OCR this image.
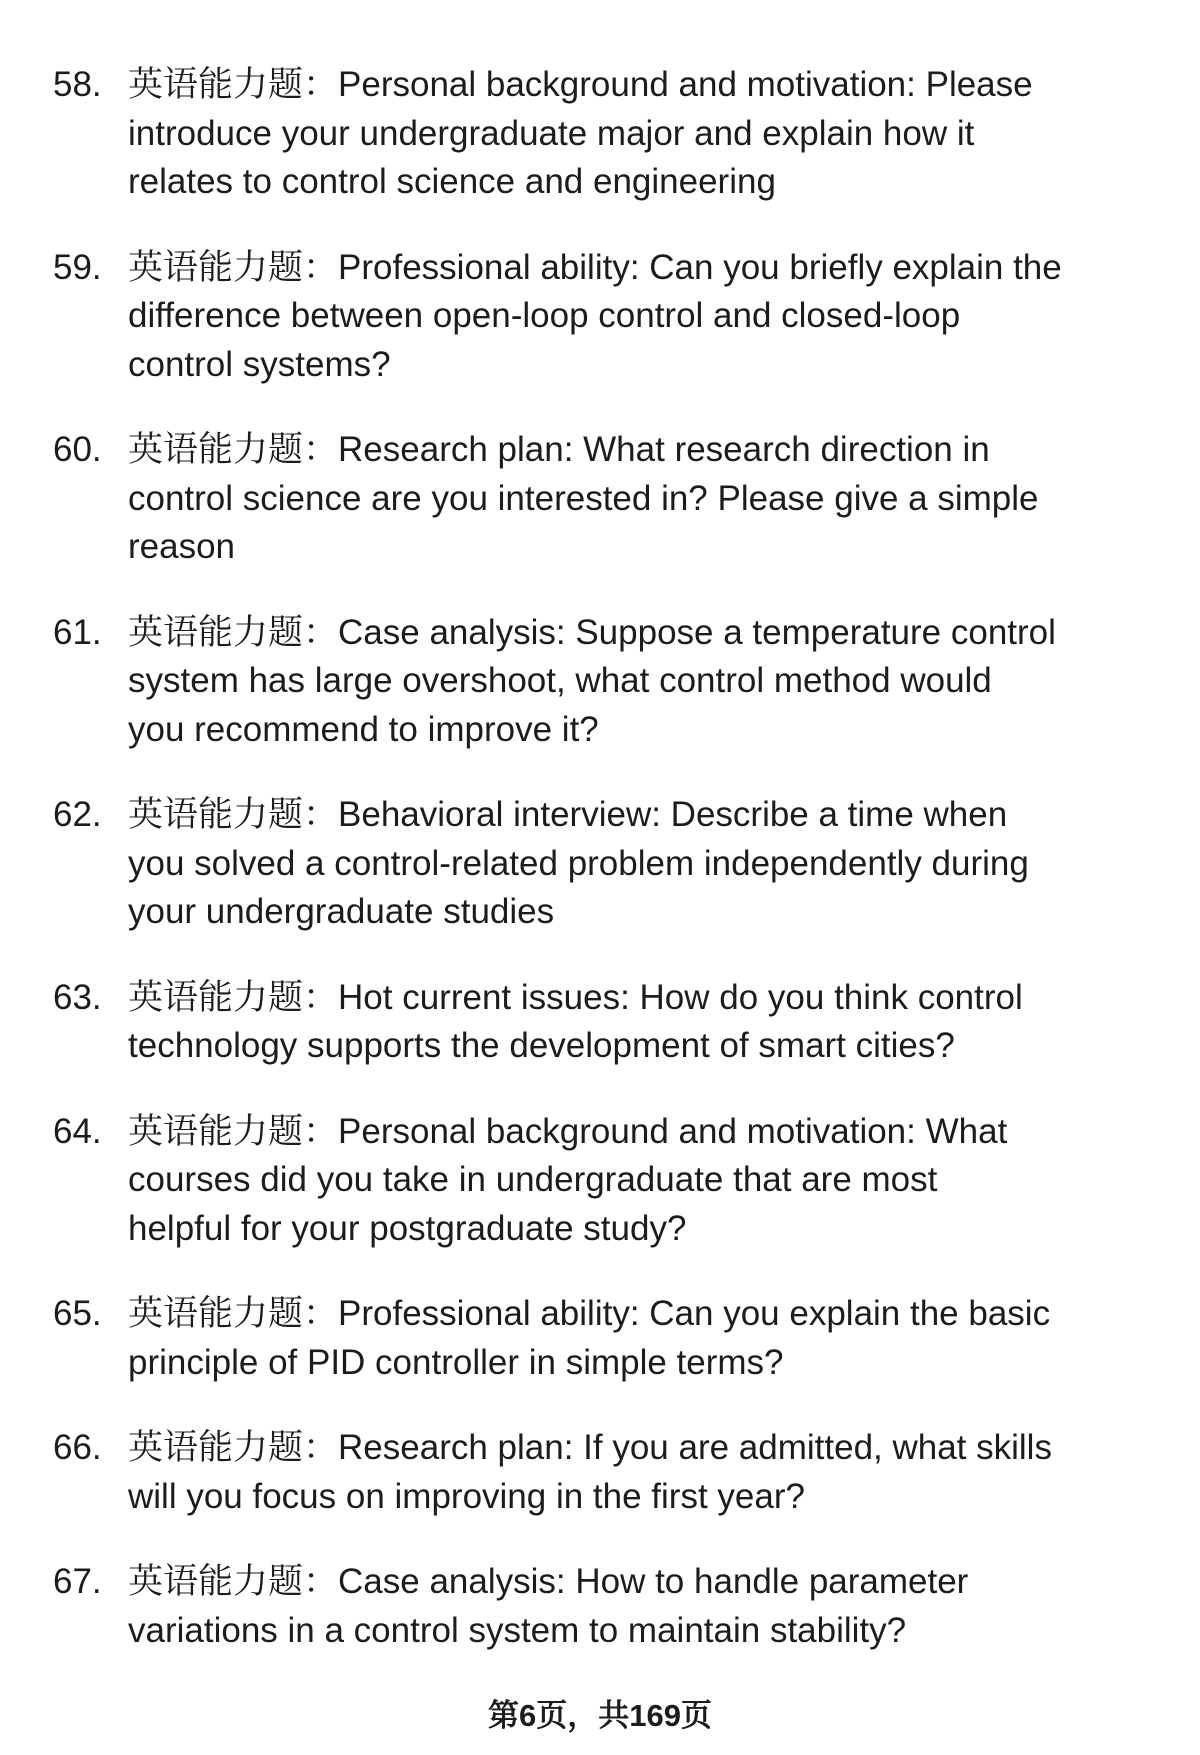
58. 英语能力题：Personal background and motivation: Please
introduce your undergraduate major and explain how it
relates to control science and engineering
59. 英语能力题：Professional ability: Can you briefly explain the
difference between open-loop control and closed-loop
control systems?
60. 英语能力题：Research plan: What research direction in
control science are you interested in? Please give a simple
reason
61. 英语能力题：Case analysis: Suppose a temperature control
system has large overshoot, what control method would
you recommend to improve it?
62. 英语能力题：Behavioral interview: Describe a time when
you solved a control-related problem independently during
your undergraduate studies
63. 英语能力题：Hot current issues: How do you think control
technology supports the development of smart cities?
64. 英语能力题：Personal background and motivation: What
courses did you take in undergraduate that are most
helpful for your postgraduate study?
65. 英语能力题：Professional ability: Can you explain the basic
principle of PID controller in simple terms?
66. 英语能力题：Research plan: If you are admitted, what skills
will you focus on improving in the first year?
67. 英语能力题：Case analysis: How to handle parameter
variations in a control system to maintain stability?
第6页，共169页
